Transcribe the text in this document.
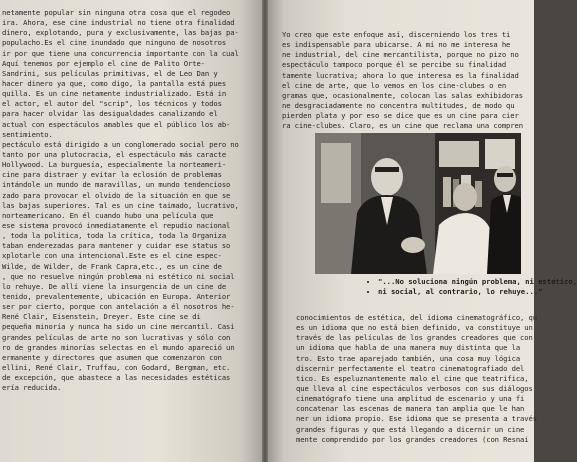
netamente popular sin ninguna otra cosa que el regodeo
ira. Ahora, ese cine industrial no tiene otra finalidad
dinero, explotando, pura y exclusivamente, las bajas pa-
populacho.Es el cine inundado que ninguno de nosotros
ir por que tiene una concurrencia importante con la cual
Aquí tenemos por ejemplo el cine de Palito Orte-
Sandrini, sus películas primitivas, el de Leo Dan y
hacer dinero ya que, como digo, la pantalla está pues
quilla. Es un cine netamente industrializado. Está in
el actor, el autor del "scrip", los técnicos y todos
para hacer olvidar las desigualdades canalizando el
actual con espectáculos amables que el público los ab-
sentimiento.
pectáculo está dirigido a un conglomerado social pero no
tanto por una plutocracia, el espectáculo más caracte
Hollywood. La burguesía, especialmente la norteameri-
cine para distraer y evitar la eclosión de problemas
intándole un mundo de maravillas, un mundo tendencioso
zado para provocar el olvido de la situación en que se
las bajas superiores. Tal es un cine taimado, lucrativo,
norteamericano. En él cuando hubo una película que
ese sistema provocó inmediatamente el repudio nacional
, toda la política, toda la crítica, toda la Organiza
taban enderezadas para mantener y cuidar ese status so
xplotarle con una intencional.Este es el cine espec-
Wilde, de Wilder, de Frank Capra,etc., es un cine de
, que no resuelve ningún problema ni estético ni social
lo rehuye. De allí viene la insurgencia de un cine de
tenido, prevalentemente, ubicación en Europa. Anterior
ser por cierto, porque con antelación a él nosotros he-
René Clair, Eisenstein, Dreyer. Este cine se di
pequeña minoría y nunca ha sido un cine mercantil. Casi
grandes películas de arte no son lucrativas y sólo con
ro de grandes minorías selectas en el mundo apareció un
ermanente y directores que asumen que comenzaron con
ellini, René Clair, Truffau, con Godard, Bergman, etc.
de excepción, que abastece a las necesidades estéticas
ería reducida.
Yo creo que este enfoque así, discerniendo los tres ti
es indispensable para ubicarse. A mí no me interesa he
ne industrial, del cine mercantilista, porque no pizo no
espectáculo tampoco porque él se percibe su finalidad
tamente lucrativa; ahora lo que interesa es la finalidad
el cine de arte, que lo vemos en los cine-clubes o en
gramas que, ocasionalmente, colocan las salas exhibidoras
ne desgraciadamente no concentra multitudes, de modo qu
pierden plata y por eso se dice que es un cine para cier
ra cine-clubes. Claro, es un cine que reclama una compren
• "...No soluciona ningún problema, ni estético,
• ni social, al contrario, lo rehuye..."
conocimientos de estética, del idioma cinematográfico, qu
es un idioma que no está bien definido, va constituye un
través de las películas de los grandes creadores que con
un idioma que habla de una manera muy distinta que la
tro. Esto trae aparejado también, una cosa muy lógica
discernir perfectamente el teatro cinematografiado del
tico. Es espeluznantemente malo el cine que teatrifica,
que lleva al cine espectáculos verbosos con sus diálogos
cinematógrafo tiene una amplitud de escenario y una fi
concatenar las escenas de manera tan amplia que le han
ner un idioma propio. Ese idioma que se presenta a través
grandes figuras y que está llegando a dicernir un cine
mente comprendido por los grandes creadores (con Resnai
